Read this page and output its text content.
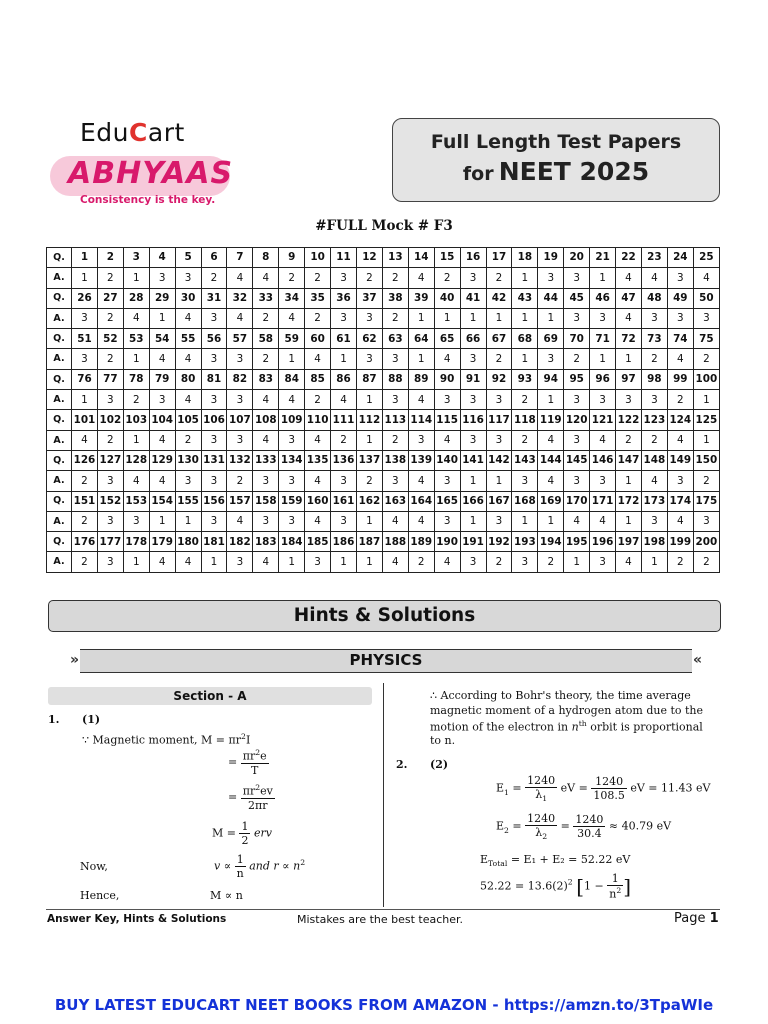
EduCart
ABHYAAS
Consistency is the key.
Full Length Test Papers
for NEET 2025
#FULL Mock # F3
Q.	1	2	3	4	5	6	7	8	9	10	11	12	13	14	15	16	17	18	19	20	21	22	23	24	25
A.	1	2	1	3	3	2	4	4	2	2	3	2	2	4	2	3	2	1	3	3	1	4	4	3	4
Q.	26	27	28	29	30	31	32	33	34	35	36	37	38	39	40	41	42	43	44	45	46	47	48	49	50
A.	3	2	4	1	4	3	4	2	4	2	3	3	2	1	1	1	1	1	1	3	3	4	3	3	3
Q.	51	52	53	54	55	56	57	58	59	60	61	62	63	64	65	66	67	68	69	70	71	72	73	74	75
A.	3	2	1	4	4	3	3	2	1	4	1	3	3	1	4	3	2	1	3	2	1	1	2	4	2
Q.	76	77	78	79	80	81	82	83	84	85	86	87	88	89	90	91	92	93	94	95	96	97	98	99	100
A.	1	3	2	3	4	3	3	4	4	2	4	1	3	4	3	3	3	2	1	3	3	3	3	2	1
Q.	101	102	103	104	105	106	107	108	109	110	111	112	113	114	115	116	117	118	119	120	121	122	123	124	125
A.	4	2	1	4	2	3	3	4	3	4	2	1	2	3	4	3	3	2	4	3	4	2	2	4	1
Q.	126	127	128	129	130	131	132	133	134	135	136	137	138	139	140	141	142	143	144	145	146	147	148	149	150
A.	2	3	4	4	3	3	2	3	3	4	3	2	3	4	3	1	1	3	4	3	3	1	4	3	2
Q.	151	152	153	154	155	156	157	158	159	160	161	162	163	164	165	166	167	168	169	170	171	172	173	174	175
A.	2	3	3	1	1	3	4	3	3	4	3	1	4	4	3	1	3	1	1	4	4	1	3	4	3
Q.	176	177	178	179	180	181	182	183	184	185	186	187	188	189	190	191	192	193	194	195	196	197	198	199	200
A.	2	3	1	4	4	1	3	4	1	3	1	1	4	2	4	3	2	3	2	1	3	4	1	2	2
Hints & Solutions
»	«
PHYSICS
Section - A
1. (1)
∵ Magnetic moment, $M = \pi r^2I$
= $\frac{\pi r^2e}{T}$
= $\frac{\pi r^2ev}{2\pi r}$
$M = \frac{1}{2}$ erv
Now,	$v \propto \frac{1}{n}$ and $r \propto n^2$
Hence,	M ∝ n
∴ According to Bohr's theory, the time average
magnetic moment of a hydrogen atom due to the
motion of the electron in $n^{th}$ orbit is proportional
to n.
2. (2)
$E_1 = \frac{1240}{\lambda_1}$ eV = $\frac{1240}{108.5}$ eV = 11.43 eV
$E_2 = \frac{1240}{\lambda_2} = \frac{1240}{30.4} \approx 40.79$ eV
$E_{Total} = E_1 + E_2 = 52.22$ eV
$52.22 = 13.6(2)^2$ [$1 - \frac{1}{n^2}$ ]
Answer Key, Hints & Solutions	Mistakes are the best teacher.	Page 1
BUY LATEST EDUCART NEET BOOKS FROM AMAZON - https://amzn.to/3TpaWIe
